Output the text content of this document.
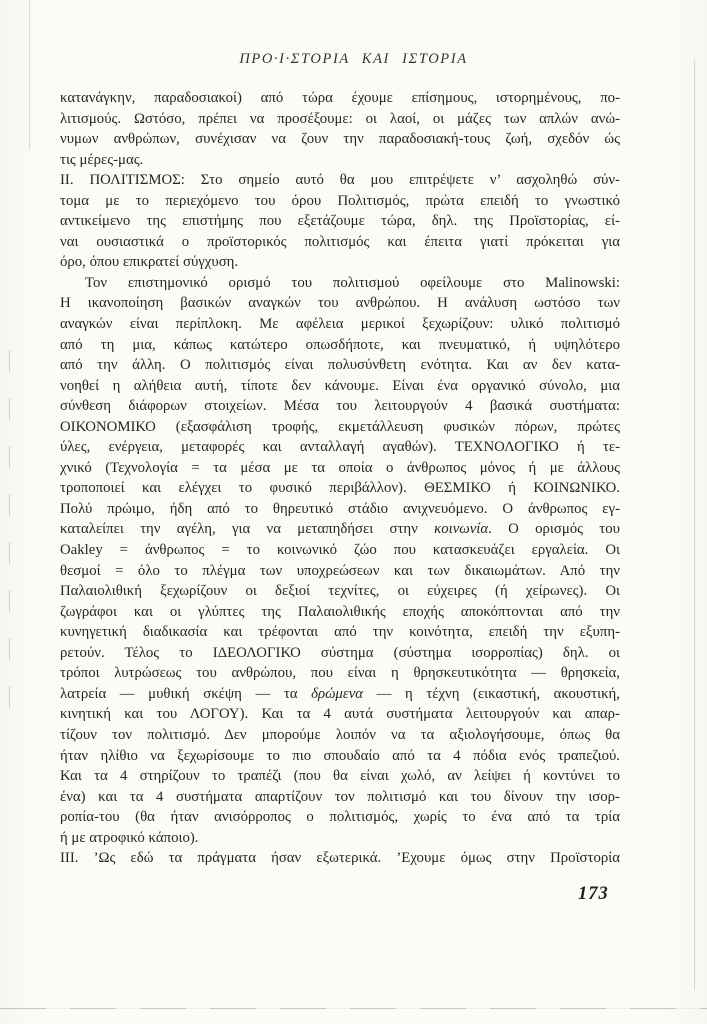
ΠΡΟ·Ι·ΣΤΟΡΙΑ ΚΑΙ ΙΣΤΟΡΙΑ
κατανάγκην, παραδοσιακοί) από τώρα έχουμε επίσημους, ιστορημένους, πο-
λιτισμούς. Ωστόσο, πρέπει να προσέξουμε: οι λαοί, οι μάζες των απλών ανώ-
νυμων ανθρώπων, συνέχισαν να ζουν την παραδοσιακή-τους ζωή, σχεδόν ώς
τις μέρες-μας.
ΙΙ. ΠΟΛΙΤΙΣΜΟΣ: Στο σημείο αυτό θα μου επιτρέψετε ν’ ασχοληθώ σύν-
τομα με το περιεχόμενο του όρου Πολιτισμός, πρώτα επειδή το γνωστικό
αντικείμενο της επιστήμης που εξετάζουμε τώρα, δηλ. της Προϊστορίας, εί-
ναι ουσιαστικά ο προϊστορικός πολιτισμός και έπειτα γιατί πρόκειται για
όρο, όπου επικρατεί σύγχυση.
Τον επιστημονικό ορισμό του πολιτισμού οφείλουμε στο Malinowski:
Η ικανοποίηση βασικών αναγκών του ανθρώπου. Η ανάλυση ωστόσο των
αναγκών είναι περίπλοκη. Με αφέλεια μερικοί ξεχωρίζουν: υλικό πολιτισμό
από τη μια, κάπως κατώτερο οπωσδήποτε, και πνευματικό, ή υψηλότερο
από την άλλη. Ο πολιτισμός είναι πολυσύνθετη ενότητα. Και αν δεν κατα-
νοηθεί η αλήθεια αυτή, τίποτε δεν κάνουμε. Είναι ένα οργανικό σύνολο, μια
σύνθεση διάφορων στοιχείων. Μέσα του λειτουργούν 4 βασικά συστήματα:
ΟΙΚΟΝΟΜΙΚΟ (εξασφάλιση τροφής, εκμετάλλευση φυσικών πόρων, πρώτες
ύλες, ενέργεια, μεταφορές και ανταλλαγή αγαθών). ΤΕΧΝΟΛΟΓΙΚΟ ή τε-
χνικό (Τεχνολογία = τα μέσα με τα οποία ο άνθρωπος μόνος ή με άλλους
τροποποιεί και ελέγχει το φυσικό περιβάλλον). ΘΕΣΜΙΚΟ ή ΚΟΙΝΩΝΙΚΟ.
Πολύ πρώιμο, ήδη από το θηρευτικό στάδιο ανιχνευόμενο. Ο άνθρωπος εγ-
καταλείπει την αγέλη, για να μεταπηδήσει στην κοινωνία. Ο ορισμός του
Oakley = άνθρωπος = το κοινωνικό ζώο που κατασκευάζει εργαλεία. Οι
θεσμοί = όλο το πλέγμα των υποχρεώσεων και των δικαιωμάτων. Από την
Παλαιολιθική ξεχωρίζουν οι δεξιοί τεχνίτες, οι εύχειρες (ή χείρωνες). Οι
ζωγράφοι και οι γλύπτες της Παλαιολιθικής εποχής αποκόπτονται από την
κυνηγετική διαδικασία και τρέφονται από την κοινότητα, επειδή την εξυπη-
ρετούν. Τέλος το ΙΔΕΟΛΟΓΙΚΟ σύστημα (σύστημα ισορροπίας) δηλ. οι
τρόποι λυτρώσεως του ανθρώπου, που είναι η θρησκευτικότητα — θρησκεία,
λατρεία — μυθική σκέψη — τα δρώμενα — η τέχνη (εικαστική, ακουστική,
κινητική και του ΛΟΓΟΥ). Και τα 4 αυτά συστήματα λειτουργούν και απαρ-
τίζουν τον πολιτισμό. Δεν μπορούμε λοιπόν να τα αξιολογήσουμε, όπως θα
ήταν ηλίθιο να ξεχωρίσουμε το πιο σπουδαίο από τα 4 πόδια ενός τραπεζιού.
Και τα 4 στηρίζουν το τραπέζι (που θα είναι χωλό, αν λείψει ή κοντύνει το
ένα) και τα 4 συστήματα απαρτίζουν τον πολιτισμό και του δίνουν την ισορ-
ροπία-του (θα ήταν ανισόρροπος ο πολιτισμός, χωρίς το ένα από τα τρία
ή με ατροφικό κάποιο).
ΙΙΙ. ’Ως εδώ τα πράγματα ήσαν εξωτερικά. ’Εχουμε όμως στην Προϊστορία
173
